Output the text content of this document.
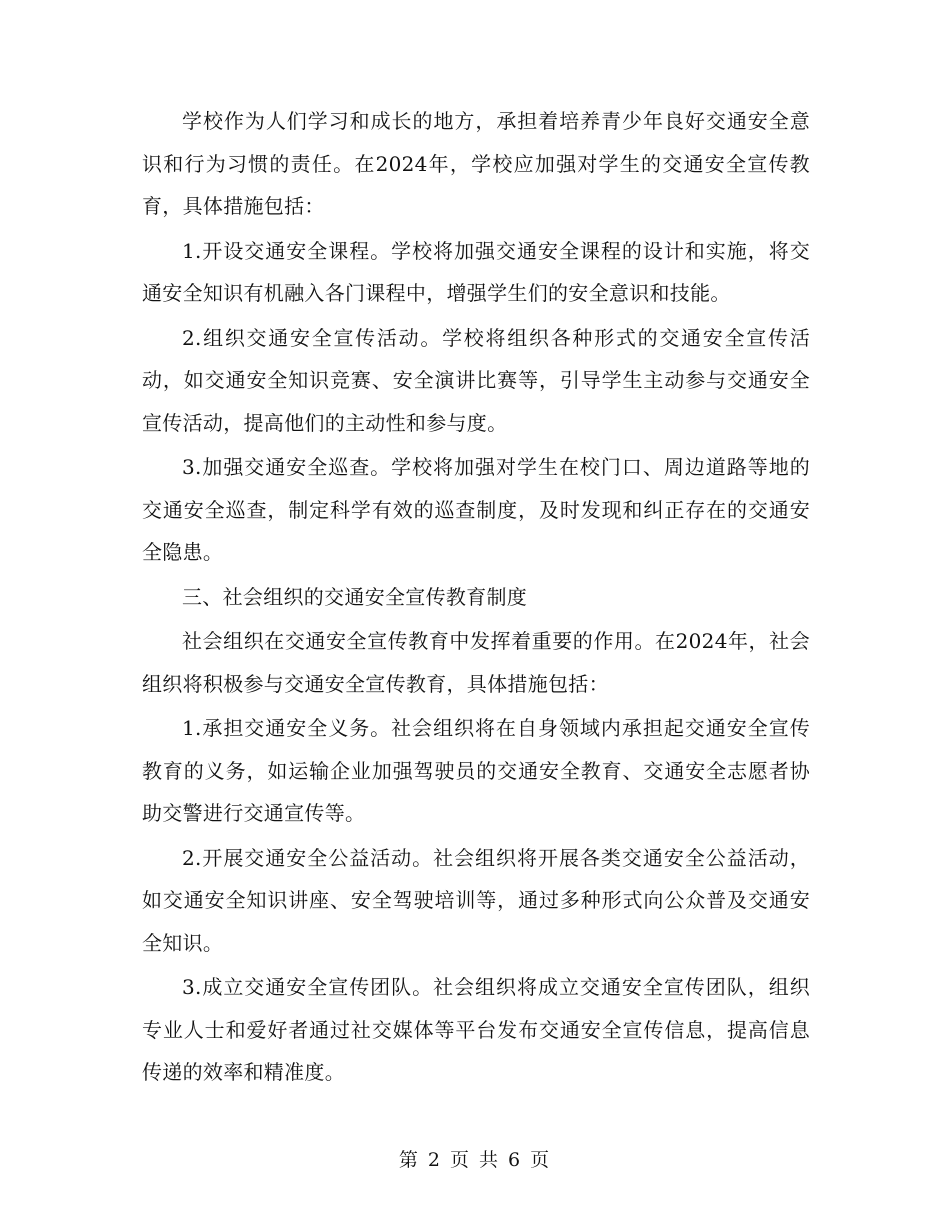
学校作为人们学习和成长的地方，承担着培养青少年良好交通安全意识和行为习惯的责任。在2024年，学校应加强对学生的交通安全宣传教育，具体措施包括：

1.开设交通安全课程。学校将加强交通安全课程的设计和实施，将交通安全知识有机融入各门课程中，增强学生们的安全意识和技能。

2.组织交通安全宣传活动。学校将组织各种形式的交通安全宣传活动，如交通安全知识竞赛、安全演讲比赛等，引导学生主动参与交通安全宣传活动，提高他们的主动性和参与度。

3.加强交通安全巡查。学校将加强对学生在校门口、周边道路等地的交通安全巡查，制定科学有效的巡查制度，及时发现和纠正存在的交通安全隐患。

三、社会组织的交通安全宣传教育制度

社会组织在交通安全宣传教育中发挥着重要的作用。在2024年，社会组织将积极参与交通安全宣传教育，具体措施包括：

1.承担交通安全义务。社会组织将在自身领域内承担起交通安全宣传教育的义务，如运输企业加强驾驶员的交通安全教育、交通安全志愿者协助交警进行交通宣传等。

2.开展交通安全公益活动。社会组织将开展各类交通安全公益活动，如交通安全知识讲座、安全驾驶培训等，通过多种形式向公众普及交通安全知识。

3.成立交通安全宣传团队。社会组织将成立交通安全宣传团队，组织专业人士和爱好者通过社交媒体等平台发布交通安全宣传信息，提高信息传递的效率和精准度。

第 2 页 共 6 页
